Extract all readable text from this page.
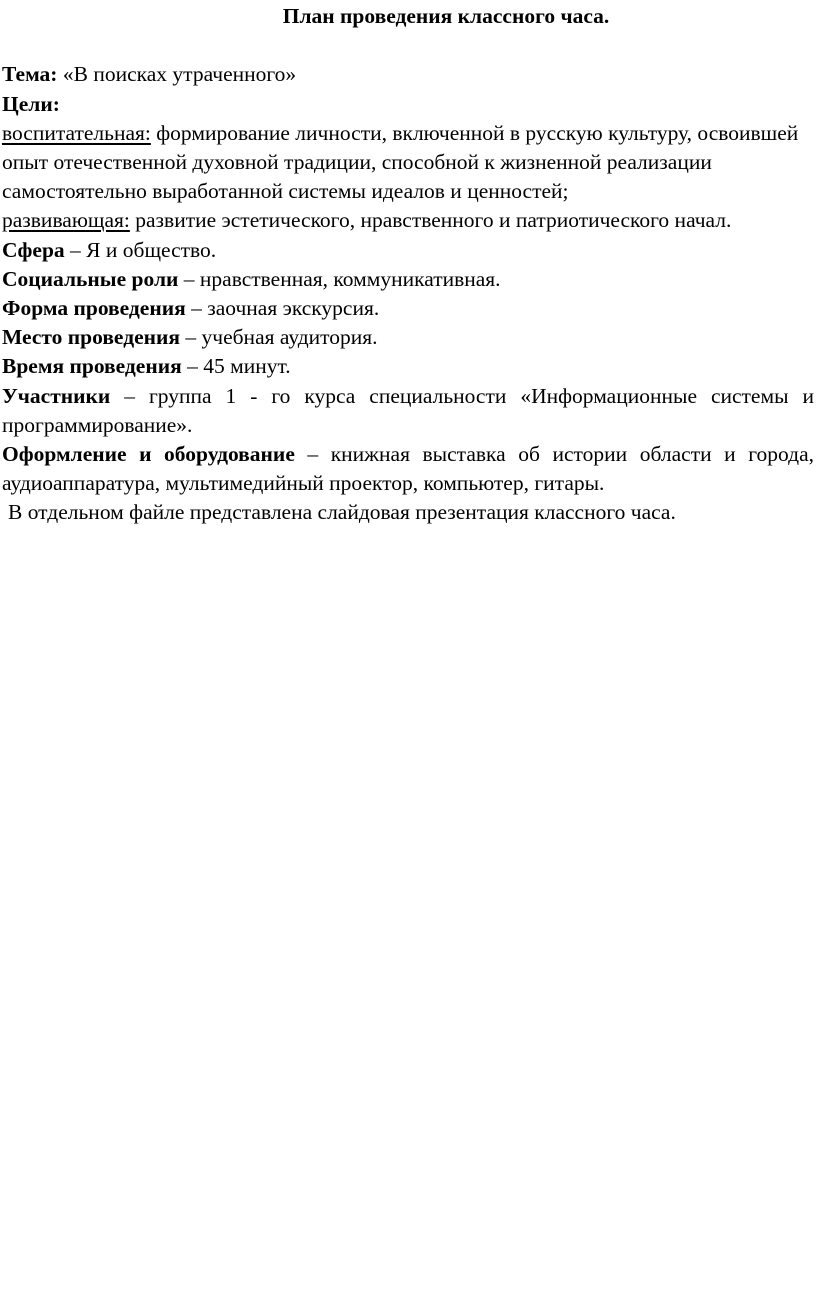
План проведения классного часа.

Тема: «В поисках утраченного»

Цели:

воспитательная: формирование личности, включенной в русскую культуру, освоившей опыт отечественной духовной традиции, способной к жизненной реализации самостоятельно выработанной системы идеалов и ценностей;

развивающая: развитие эстетического, нравственного и патриотического начал.

Сфера – Я и общество.

Социальные роли – нравственная, коммуникативная.

Форма проведения – заочная экскурсия.

Место проведения – учебная аудитория.

Время проведения – 45 минут.

Участники – группа 1 - го курса специальности «Информационные системы и программирование».

Оформление и оборудование – книжная выставка об истории области и города, аудиоаппаратура, мультимедийный проектор, компьютер, гитары.

В отдельном файле представлена слайдовая презентация классного часа.
